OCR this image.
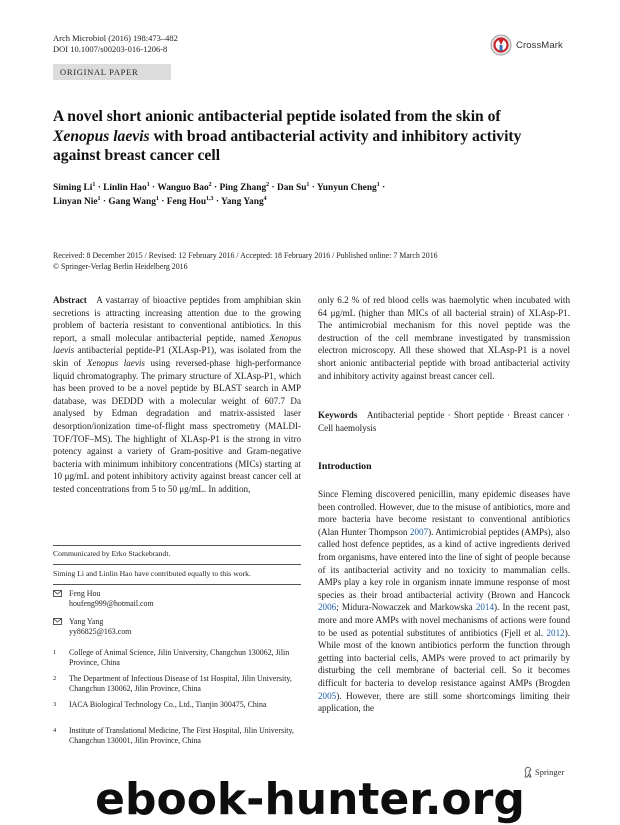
Arch Microbiol (2016) 198:473–482
DOI 10.1007/s00203-016-1206-8	CrossMark
ORIGINAL PAPER
A novel short anionic antibacterial peptide isolated from the skin of Xenopus laevis with broad antibacterial activity and inhibitory activity against breast cancer cell
Siming $Li^1$ · Linlin Hao$^1$ · Wanguo Bao$^2$ · Ping Zhang$^2$ · Dan $Su^1$ · Yunyun Cheng$^1$ ·
Linyan Nie$^1$ · Gang Wang$^1$ · Feng Hou$^{1,3}$ · Yang Yang$^4$
Received: 8 December 2015 / Revised: 12 February 2016 / Accepted: 18 February 2016 / Published online: 7 March 2016
© Springer-Verlag Berlin Heidelberg 2016
Abstract A vastarray of bioactive peptides from amphibian skin secretions is attracting increasing attention due to the growing problem of bacteria resistant to conventional antibiotics. In this report, a small molecular antibacterial peptide, named Xenopus laevis antibacterial peptide-P1 (XLAsp-P1), was isolated from the skin of Xenopus laevis using reversed-phase high-performance liquid chromatography. The primary structure of XLAsp-P1, which has been proved to be a novel peptide by BLAST search in AMP database, was DEDDD with a molecular weight of 607.7 Da analysed by Edman degradation and matrix-assisted laser desorption/ionization time-of-flight mass spectrometry (MALDI-TOF/TOF–MS). The highlight of XLAsp-P1 is the strong in vitro potency against a variety of Gram-positive and Gram-negative bacteria with minimum inhibitory concentrations (MICs) starting at 10 μg/mL and potent inhibitory activity against breast cancer cell at tested concentrations from 5 to 50 μg/mL. In addition,
Communicated by Erko Stackebrandt.
Siming Li and Linlin Hao have contributed equally to this work.
Feng Hou
houfeng999@hotmail.com
Yang Yang
yy86825@163.com
1 College of Animal Science, Jilin University, Changchun 130062, Jilin Province, China
2 The Department of Infectious Disease of 1st Hospital, Jilin University, Changchun 130062, Jilin Province, China
3 IACA Biological Technology Co., Ltd., Tianjin 300475, China
4 Institute of Translational Medicine, The First Hospital, Jilin University, Changchun 130001, Jilin Province, China
only 6.2 % of red blood cells was haemolytic when incubated with 64 μg/mL (higher than MICs of all bacterial strain) of XLAsp-P1. The antimicrobial mechanism for this novel peptide was the destruction of the cell membrane investigated by transmission electron microscopy. All these showed that XLAsp-P1 is a novel short anionic antibacterial peptide with broad antibacterial activity and inhibitory activity against breast cancer cell.
Keywords Antibacterial peptide · Short peptide · Breast cancer · Cell haemolysis
Introduction
Since Fleming discovered penicillin, many epidemic diseases have been controlled. However, due to the misuse of antibiotics, more and more bacteria have become resistant to conventional antibiotics (Alan Hunter Thompson 2007). Antimicrobial peptides (AMPs), also called host defence peptides, as a kind of active ingredients derived from organisms, have entered into the line of sight of people because of its antibacterial activity and no toxicity to mammalian cells. AMPs play a key role in organism innate immune response of most species as their broad antibacterial activity (Brown and Hancock 2006; Midura-Nowaczek and Markowska 2014). In the recent past, more and more AMPs with novel mechanisms of actions were found to be used as potential substitutes of antibiotics (Fjell et al. 2012). While most of the known antibiotics perform the function through getting into bacterial cells, AMPs were proved to act primarily by disturbing the cell membrane of bacterial cell. So it becomes difficult for bacteria to develop resistance against AMPs (Brogden 2005). However, there are still some shortcomings limiting their application, the
Springer
ebook-hunter.org
